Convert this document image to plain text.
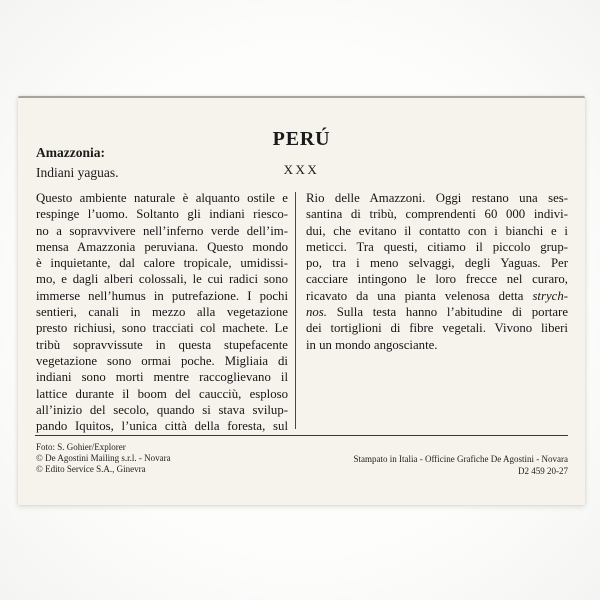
PERÚ
XXX
Amazzonia:
Indiani yaguas.
Questo ambiente naturale è alquanto ostile e
respinge l’uomo. Soltanto gli indiani riesco-
no a sopravvivere nell’inferno verde dell’im-
mensa Amazzonia peruviana. Questo mondo
è inquietante, dal calore tropicale, umidissi-
mo, e dagli alberi colossali, le cui radici sono
immerse nell’humus in putrefazione. I pochi
sentieri, canali in mezzo alla vegetazione
presto richiusi, sono tracciati col machete. Le
tribù sopravvissute in questa stupefacente
vegetazione sono ormai poche. Migliaia di
indiani sono morti mentre raccoglievano il
lattice durante il boom del caucciù, esploso
all’inizio del secolo, quando si stava svilup-
pando Iquitos, l’unica città della foresta, sul
Rio delle Amazzoni. Oggi restano una ses-
santina di tribù, comprendenti 60 000 indivi-
dui, che evitano il contatto con i bianchi e i
meticci. Tra questi, citiamo il piccolo grup-
po, tra i meno selvaggi, degli Yaguas. Per
cacciare intingono le loro frecce nel curaro,
ricavato da una pianta velenosa detta strych-
nos. Sulla testa hanno l’abitudine di portare
dei tortiglioni di fibre vegetali. Vivono liberi
in un mondo angosciante.
Foto: S. Gohier/Explorer
© De Agostini Mailing s.r.l. - Novara
© Edito Service S.A., Ginevra
Stampato in Italia - Officine Grafiche De Agostini - Novara
D2 459 20-27
